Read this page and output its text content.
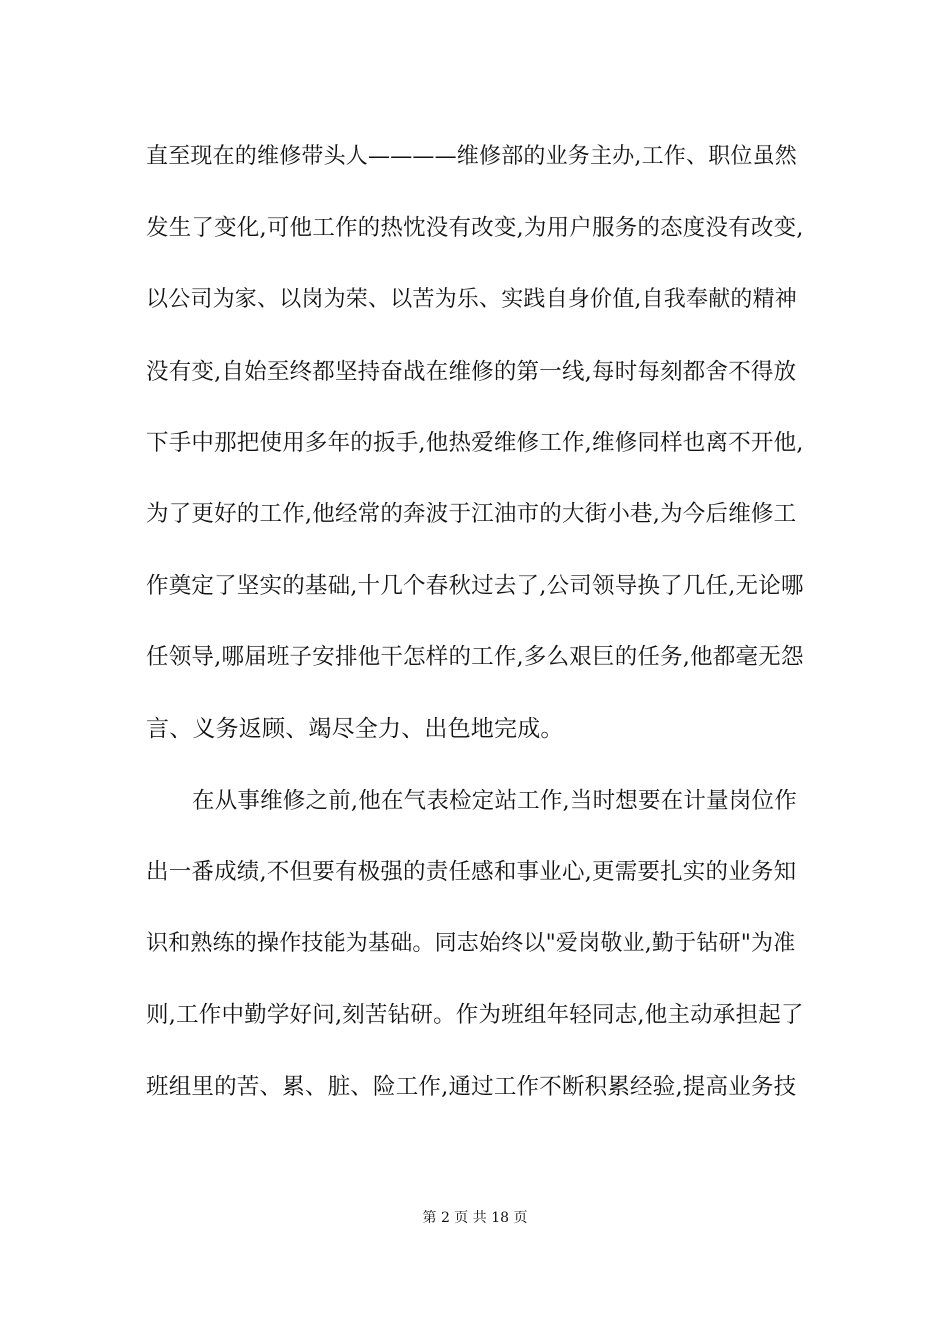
直至现在的维修带头人————维修部的业务主办,工作、职位虽然
发生了变化,可他工作的热忱没有改变,为用户服务的态度没有改变,
以公司为家、以岗为荣、以苦为乐、实践自身价值,自我奉献的精神
没有变,自始至终都坚持奋战在维修的第一线,每时每刻都舍不得放
下手中那把使用多年的扳手,他热爱维修工作,维修同样也离不开他,
为了更好的工作,他经常的奔波于江油市的大街小巷,为今后维修工
作奠定了坚实的基础,十几个春秋过去了,公司领导换了几任,无论哪
任领导,哪届班子安排他干怎样的工作,多么艰巨的任务,他都毫无怨
言、义务返顾、竭尽全力、出色地完成。
在从事维修之前,他在气表检定站工作,当时想要在计量岗位作
出一番成绩,不但要有极强的责任感和事业心,更需要扎实的业务知
识和熟练的操作技能为基础。同志始终以"爱岗敬业,勤于钻研"为准
则,工作中勤学好问,刻苦钻研。作为班组年轻同志,他主动承担起了
班组里的苦、累、脏、险工作,通过工作不断积累经验,提高业务技
第 2 页 共 18 页
